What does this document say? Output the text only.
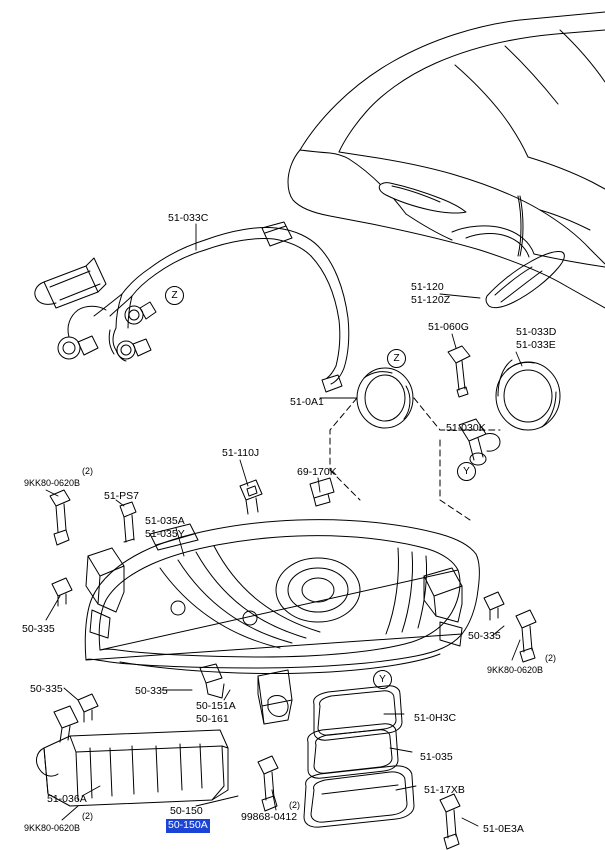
Z
Z
Y
Y
(2)
(2)
(2)
(2)
51-033C
51-120
51-120Z
51-033D
51-033E
51-060G
51-0A1
51-030K
51-110J
69-170K
9KK80-0620B
51-PS7
51-035A
51-035Y
50-335
50-335
9KK80-0620B
50-335	50-335
50-151A
50-161	51-0H3C
51-035
51-17XB
51-036A
50-150	99868-0412
9KK80-0620B	51-0E3A
50-150A
